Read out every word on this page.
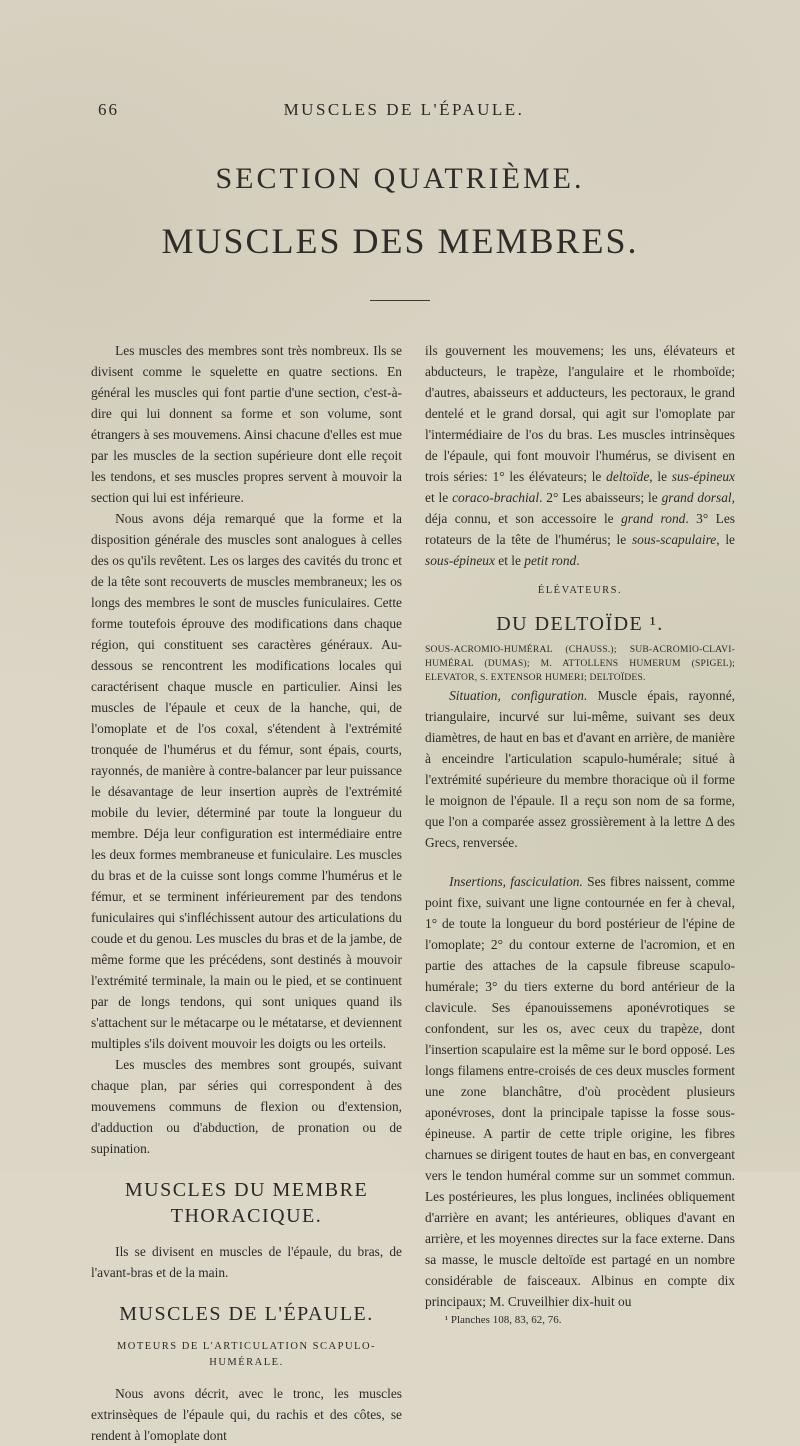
66	MUSCLES DE L'ÉPAULE.
SECTION QUATRIÈME.
MUSCLES DES MEMBRES.

Les muscles des membres sont très nombreux. Ils se divisent comme le squelette en quatre sections. En général les muscles qui font partie d'une section, c'est-à-dire qui lui donnent sa forme et son volume, sont étrangers à ses mouvemens. Ainsi chacune d'elles est mue par les muscles de la section supérieure dont elle reçoit les tendons, et ses muscles propres servent à mouvoir la section qui lui est inférieure.

Nous avons déja remarqué que la forme et la disposition générale des muscles sont analogues à celles des os qu'ils revêtent. Les os larges des cavités du tronc et de la tête sont recouverts de muscles membraneux; les os longs des membres le sont de muscles funiculaires. Cette forme toutefois éprouve des modifications dans chaque région, qui constituent ses caractères généraux. Au-dessous se rencontrent les modifications locales qui caractérisent chaque muscle en particulier. Ainsi les muscles de l'épaule et ceux de la hanche, qui, de l'omoplate et de l'os coxal, s'étendent à l'extrémité tronquée de l'humérus et du fémur, sont épais, courts, rayonnés, de manière à contre-balancer par leur puissance le désavantage de leur insertion auprès de l'extrémité mobile du levier, déterminé par toute la longueur du membre. Déja leur configuration est intermédiaire entre les deux formes membraneuse et funiculaire. Les muscles du bras et de la cuisse sont longs comme l'humérus et le fémur, et se terminent inférieurement par des tendons funiculaires qui s'infléchissent autour des articulations du coude et du genou. Les muscles du bras et de la jambe, de même forme que les précédens, sont destinés à mouvoir l'extrémité terminale, la main ou le pied, et se continuent par de longs tendons, qui sont uniques quand ils s'attachent sur le métacarpe ou le métatarse, et deviennent multiples s'ils doivent mouvoir les doigts ou les orteils.

Les muscles des membres sont groupés, suivant chaque plan, par séries qui correspondent à des mouvemens communs de flexion ou d'extension, d'adduction ou d'abduction, de pronation ou de supination.

MUSCLES DU MEMBRE THORACIQUE.

Ils se divisent en muscles de l'épaule, du bras, de l'avant-bras et de la main.

MUSCLES DE L'ÉPAULE.
MOTEURS DE L'ARTICULATION SCAPULO-HUMÉRALE.

Nous avons décrit, avec le tronc, les muscles extrinsèques de l'épaule qui, du rachis et des côtes, se rendent à l'omoplate dont

ils gouvernent les mouvemens; les uns, élévateurs et abducteurs, le trapèze, l'angulaire et le rhomboïde; d'autres, abaisseurs et adducteurs, les pectoraux, le grand dentelé et le grand dorsal, qui agit sur l'omoplate par l'intermédiaire de l'os du bras. Les muscles intrinsèques de l'épaule, qui font mouvoir l'humérus, se divisent en trois séries: 1° les élévateurs; le deltoïde, le sus-épineux et le coraco-brachial. 2° Les abaisseurs; le grand dorsal, déja connu, et son accessoire le grand rond. 3° Les rotateurs de la tête de l'humérus; le sous-scapulaire, le sous-épineux et le petit rond.

ÉLÉVATEURS.
DU DELTOÏDE ¹.

SOUS-ACROMIO-HUMÉRAL (CHAUSS.); SUB-ACROMIO-CLAVI-HUMÉRAL (DUMAS); M. ATTOLLENS HUMERUM (SPIGEL); ELEVATOR, S. EXTENSOR HUMERI; DELTOÏDES.

Situation, configuration. Muscle épais, rayonné, triangulaire, incurvé sur lui-même, suivant ses deux diamètres, de haut en bas et d'avant en arrière, de manière à enceindre l'articulation scapulo-humérale; situé à l'extrémité supérieure du membre thoracique où il forme le moignon de l'épaule. Il a reçu son nom de sa forme, que l'on a comparée assez grossièrement à la lettre Δ des Grecs, renversée.

Insertions, fasciculation. Ses fibres naissent, comme point fixe, suivant une ligne contournée en fer à cheval, 1° de toute la longueur du bord postérieur de l'épine de l'omoplate; 2° du contour externe de l'acromion, et en partie des attaches de la capsule fibreuse scapulo-humérale; 3° du tiers externe du bord antérieur de la clavicule. Ses épanouissemens aponévrotiques se confondent, sur les os, avec ceux du trapèze, dont l'insertion scapulaire est la même sur le bord opposé. Les longs filamens entre-croisés de ces deux muscles forment une zone blanchâtre, d'où procèdent plusieurs aponévroses, dont la principale tapisse la fosse sous-épineuse. A partir de cette triple origine, les fibres charnues se dirigent toutes de haut en bas, en convergeant vers le tendon huméral comme sur un sommet commun. Les postérieures, les plus longues, inclinées obliquement d'arrière en avant; les antérieures, obliques d'avant en arrière, et les moyennes directes sur la face externe. Dans sa masse, le muscle deltoïde est partagé en un nombre considérable de faisceaux. Albinus en compte dix principaux; M. Cruveilhier dix-huit ou

¹ Planches 108, 83, 62, 76.
